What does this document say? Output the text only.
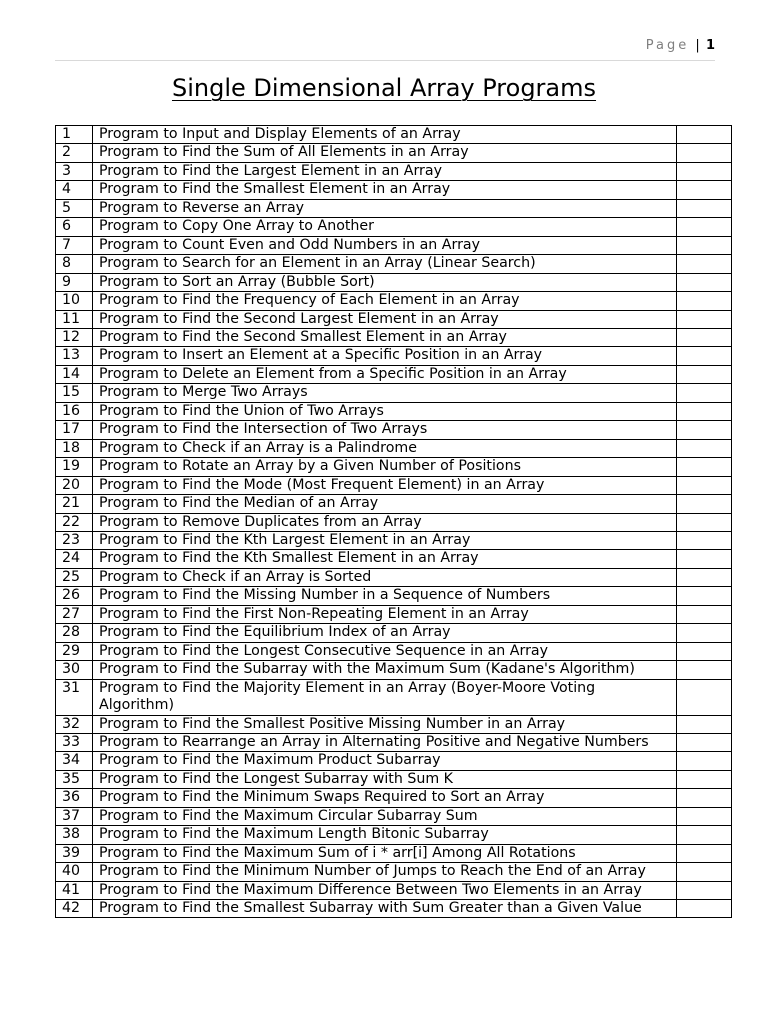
Page | 1
Single Dimensional Array Programs
1	Program to Input and Display Elements of an Array	
2	Program to Find the Sum of All Elements in an Array	
3	Program to Find the Largest Element in an Array	
4	Program to Find the Smallest Element in an Array	
5	Program to Reverse an Array	
6	Program to Copy One Array to Another	
7	Program to Count Even and Odd Numbers in an Array	
8	Program to Search for an Element in an Array (Linear Search)	
9	Program to Sort an Array (Bubble Sort)	
10	Program to Find the Frequency of Each Element in an Array	
11	Program to Find the Second Largest Element in an Array	
12	Program to Find the Second Smallest Element in an Array	
13	Program to Insert an Element at a Specific Position in an Array	
14	Program to Delete an Element from a Specific Position in an Array	
15	Program to Merge Two Arrays	
16	Program to Find the Union of Two Arrays	
17	Program to Find the Intersection of Two Arrays	
18	Program to Check if an Array is a Palindrome	
19	Program to Rotate an Array by a Given Number of Positions	
20	Program to Find the Mode (Most Frequent Element) in an Array	
21	Program to Find the Median of an Array	
22	Program to Remove Duplicates from an Array	
23	Program to Find the Kth Largest Element in an Array	
24	Program to Find the Kth Smallest Element in an Array	
25	Program to Check if an Array is Sorted	
26	Program to Find the Missing Number in a Sequence of Numbers	
27	Program to Find the First Non-Repeating Element in an Array	
28	Program to Find the Equilibrium Index of an Array	
29	Program to Find the Longest Consecutive Sequence in an Array	
30	Program to Find the Subarray with the Maximum Sum (Kadane's Algorithm)	
31	Program to Find the Majority Element in an Array (Boyer-Moore Voting Algorithm)	
32	Program to Find the Smallest Positive Missing Number in an Array	
33	Program to Rearrange an Array in Alternating Positive and Negative Numbers	
34	Program to Find the Maximum Product Subarray	
35	Program to Find the Longest Subarray with Sum K	
36	Program to Find the Minimum Swaps Required to Sort an Array	
37	Program to Find the Maximum Circular Subarray Sum	
38	Program to Find the Maximum Length Bitonic Subarray	
39	Program to Find the Maximum Sum of i * arr[i] Among All Rotations	
40	Program to Find the Minimum Number of Jumps to Reach the End of an Array	
41	Program to Find the Maximum Difference Between Two Elements in an Array	
42	Program to Find the Smallest Subarray with Sum Greater than a Given Value	
